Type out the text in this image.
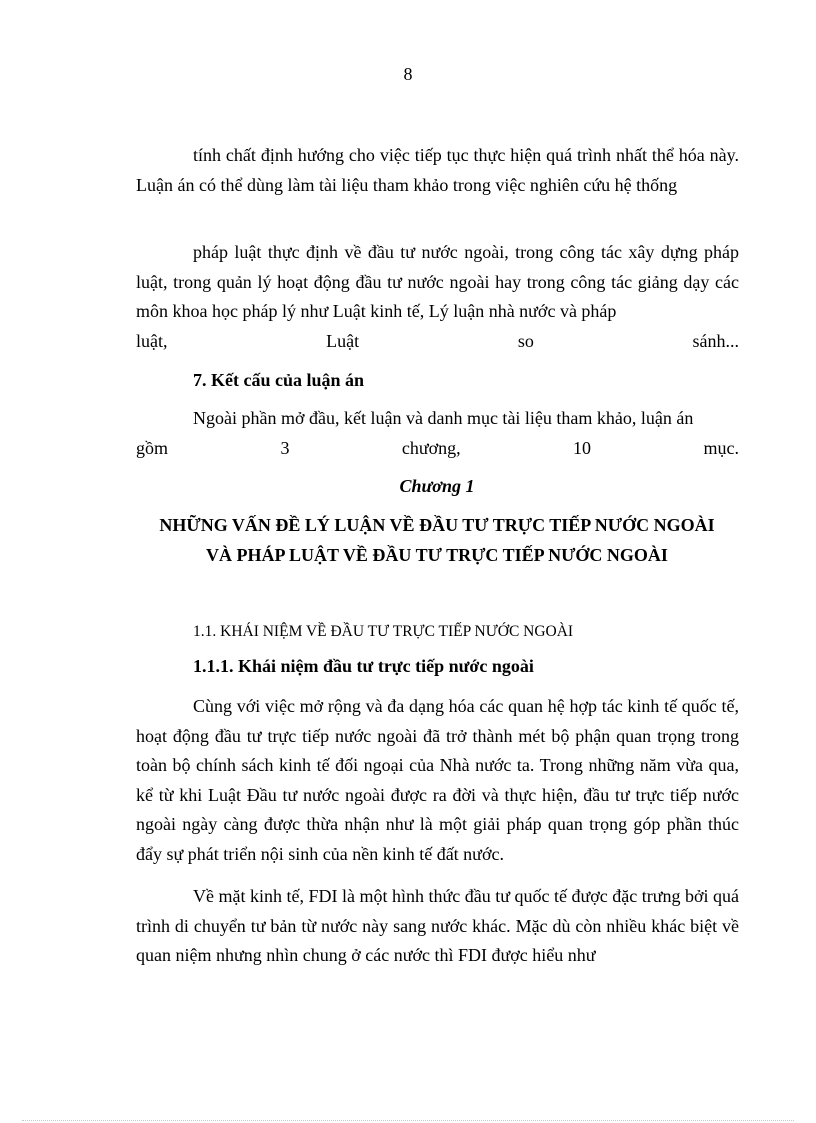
8
tính chất định hướng cho việc tiếp tục thực hiện quá trình nhất thể hóa này. Luận án có thể dùng làm tài liệu tham khảo trong việc nghiên cứu hệ thống
pháp luật thực định về đầu tư nước ngoài, trong công tác xây dựng pháp luật, trong quản lý hoạt động đầu tư nước ngoài hay trong công tác giảng dạy các môn khoa học pháp lý như Luật kinh tế, Lý luận nhà nước và pháp
luật,	Luật	so	sánh...
7. Kết cấu của luận án
Ngoài phần mở đầu, kết luận và danh mục tài liệu tham khảo, luận án
gồm	3	chương,	10	mục.
Chương 1
NHỮNG VẤN ĐỀ LÝ LUẬN VỀ ĐẦU TƯ TRỰC TIẾP NƯỚC NGOÀI
VÀ PHÁP LUẬT VỀ ĐẦU TƯ TRỰC TIẾP NƯỚC NGOÀI
1.1. KHÁI NIỆM VỀ ĐẦU TƯ TRỰC TIẾP NƯỚC NGOÀI
1.1.1. Khái niệm đầu tư trực tiếp nước ngoài
Cùng với việc mở rộng và đa dạng hóa các quan hệ hợp tác kinh tế quốc tế, hoạt động đầu tư trực tiếp nước ngoài đã trở thành mét bộ phận quan trọng trong toàn bộ chính sách kinh tế đối ngoại của Nhà nước ta. Trong những năm vừa qua, kể từ khi Luật Đầu tư nước ngoài được ra đời và thực hiện, đầu tư trực tiếp nước ngoài ngày càng được thừa nhận như là một giải pháp quan trọng góp phần thúc đẩy sự phát triển nội sinh của nền kinh tế đất nước.
Về mặt kinh tế, FDI là một hình thức đầu tư quốc tế được đặc trưng bởi quá trình di chuyển tư bản từ nước này sang nước khác. Mặc dù còn nhiều khác biệt về quan niệm nhưng nhìn chung ở các nước thì FDI được hiểu như
